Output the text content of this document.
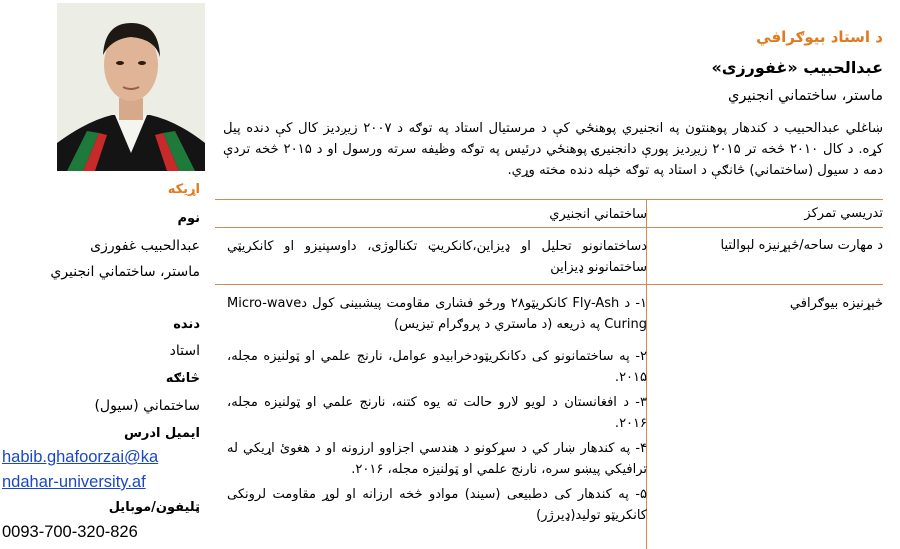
اړيکه
نوم
عبدالحبيب غفورزی
ماستر، ساختماني انجنيري
دنده
استاد
څانګه
ساختماني (سيول)
ايميل ادرس
habib.ghafoorzai@ka
ndahar-university.af
ټليفون/موبايل
0093-700-320-826
د استاد بيوګرافي
عبدالحبيب «غفورزی»
ماستر، ساختماني انجنيري
ښاغلي عبدالحبيب د کندهار پوهنتون په انجنيري پوهنځي کې د مرستيال استاد په توګه د ۲۰۰۷ زیږدیز کال کې دنده پيل کړه. د کال ۲۰۱۰ څخه تر ۲۰۱۵ زيږديز پورې دانجنيرۍ پوهنځي درئيس په توګه وظيفه سرته ورسول او د ۲۰۱۵ څخه تردې دمه د سيول (ساختماني) څانګې د استاد په توګه خپله دنده مخته وړي.
تدريسي تمرکز
ساختماني انجنيري
د مهارت ساحه/څېړنيزه لېوالتيا
دساختمانونو تحليل او ډيزاين،کانکريټ تکنالوژی، داوسپنيزو او کانکريټي ساختمانونو ډيزاين
څېړنيزه بيوګرافي
۱- د Fly-Ash کانکريټو۲۸ ورځو فشاری مقاومت پيشبينی کول دMicro-wave Curing په ذريعه (د ماستري د پروګرام تيزيس)
۲- په ساختمانونو کی دکانکريټودخرابيدو عوامل، نارنج علمي او ټولنيزه مجله، ۲۰۱۵.
۳- د افغانستان د لويو لارو حالت ته يوه کتنه، نارنج علمي او ټولنيزه مجله، ۲۰۱۶.
۴- په کندهار ښار کي د سړکونو د هندسي اجزاوو ارزونه او د هغوئ اړيکي له ترافيکي پيښو سره، نارنج علمي او ټولنيزه مجله، ۲۰۱۶.
۵- په کندهار کی دطبيعی (سيند) موادو څخه ارزانه او لوړ مقاومت لرونکی کانکريټو توليد(ډيرژر)
